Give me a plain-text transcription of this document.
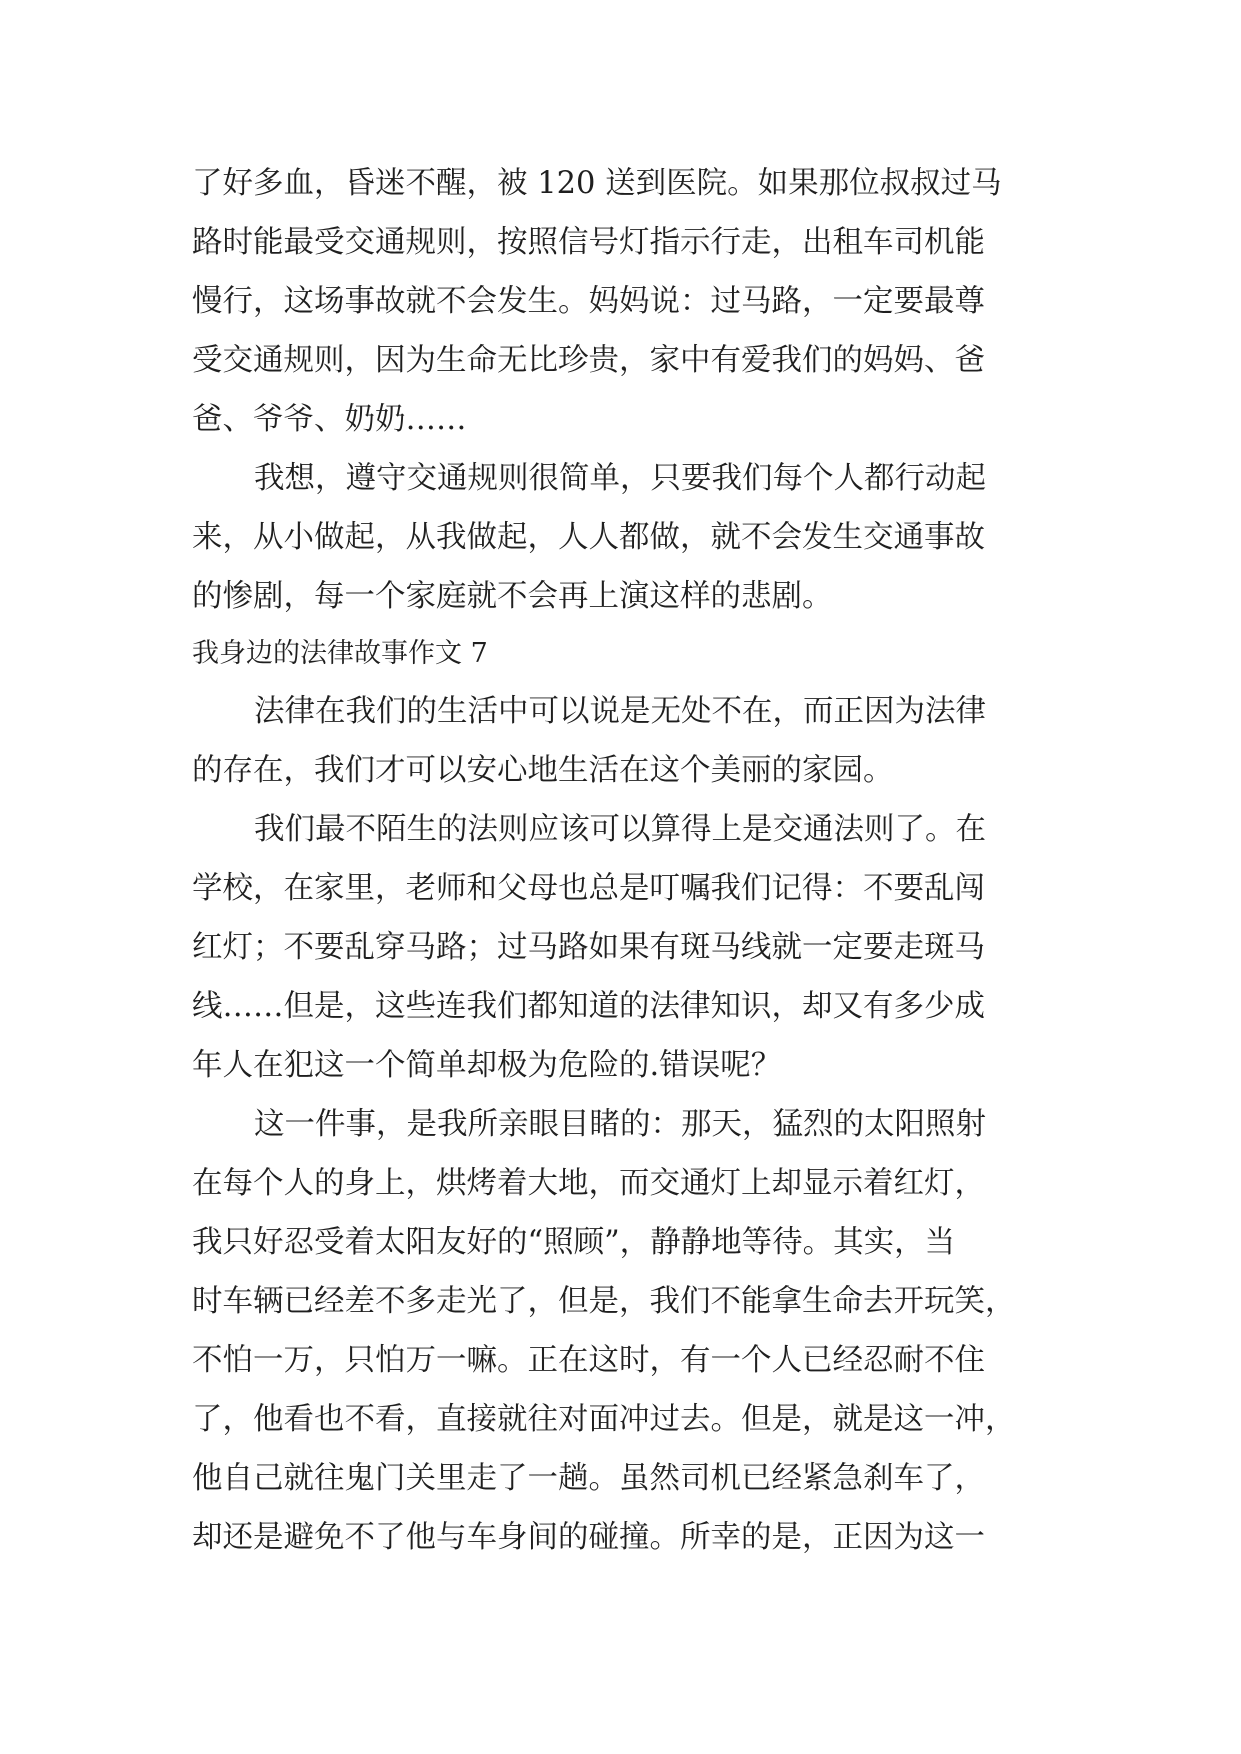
了好多血，昏迷不醒，被 120 送到医院。如果那位叔叔过马
路时能最受交通规则，按照信号灯指示行走，出租车司机能
慢行，这场事故就不会发生。妈妈说：过马路，一定要最尊
受交通规则，因为生命无比珍贵，家中有爱我们的妈妈、爸
爸、爷爷、奶奶……
我想，遵守交通规则很简单，只要我们每个人都行动起
来，从小做起，从我做起，人人都做，就不会发生交通事故
的惨剧，每一个家庭就不会再上演这样的悲剧。
我身边的法律故事作文 7
法律在我们的生活中可以说是无处不在，而正因为法律
的存在，我们才可以安心地生活在这个美丽的家园。
我们最不陌生的法则应该可以算得上是交通法则了。在
学校，在家里，老师和父母也总是叮嘱我们记得：不要乱闯
红灯；不要乱穿马路；过马路如果有斑马线就一定要走斑马
线……但是，这些连我们都知道的法律知识，却又有多少成
年人在犯这一个简单却极为危险的.错误呢？
这一件事，是我所亲眼目睹的：那天，猛烈的太阳照射
在每个人的身上，烘烤着大地，而交通灯上却显示着红灯，
我只好忍受着太阳友好的“照顾”，静静地等待。其实，当
时车辆已经差不多走光了，但是，我们不能拿生命去开玩笑，
不怕一万，只怕万一嘛。正在这时，有一个人已经忍耐不住
了，他看也不看，直接就往对面冲过去。但是，就是这一冲，
他自己就往鬼门关里走了一趟。虽然司机已经紧急刹车了，
却还是避免不了他与车身间的碰撞。所幸的是，正因为这一
